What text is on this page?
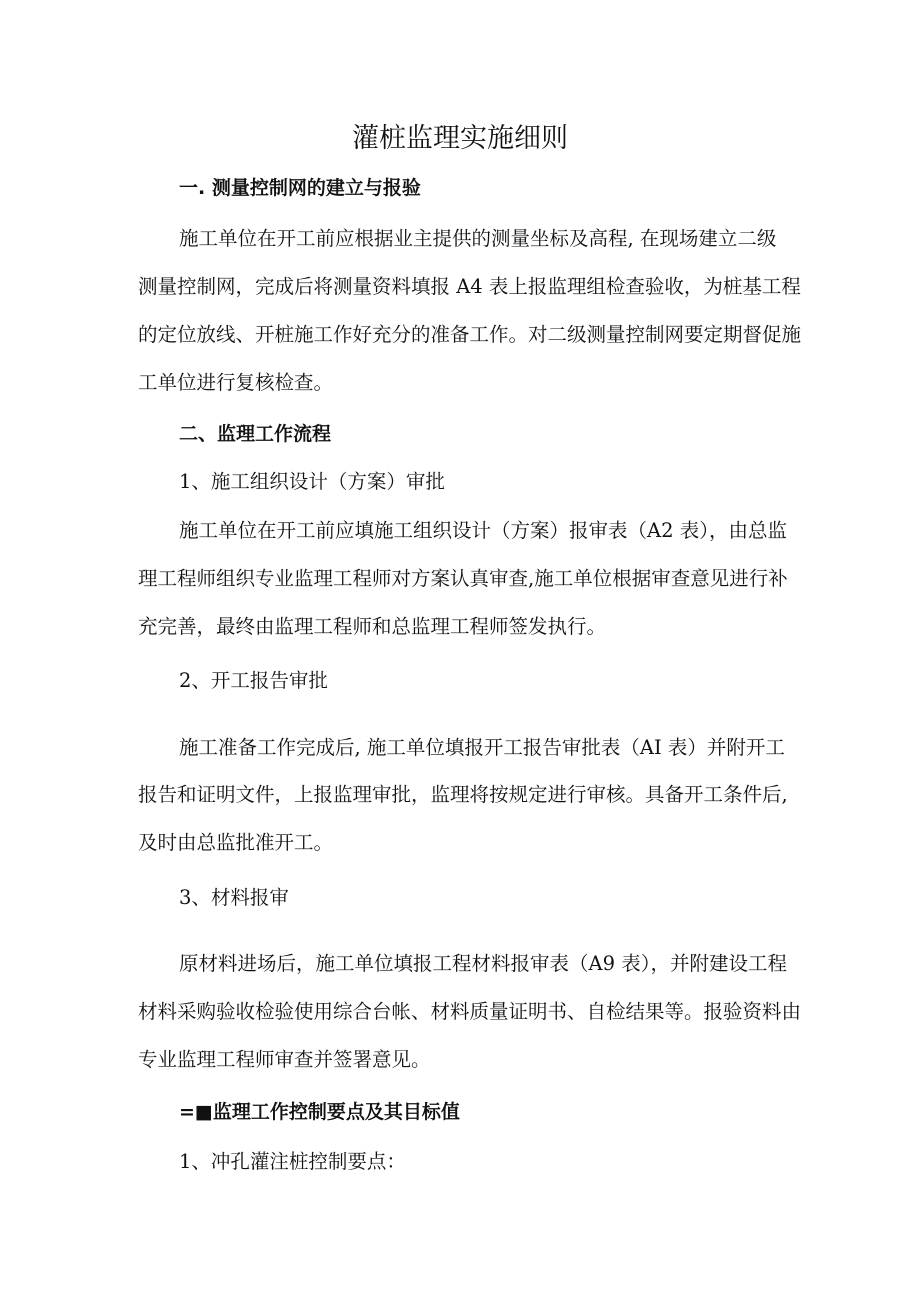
灌桩监理实施细则

一. 测量控制网的建立与报验

施工单位在开工前应根据业主提供的测量坐标及高程, 在现场建立二级

测量控制网，完成后将测量资料填报 A4 表上报监理组检查验收，为桩基工程

的定位放线、开桩施工作好充分的准备工作。对二级测量控制网要定期督促施

工单位进行复核检查。

二、监理工作流程

1、施工组织设计（方案）审批

施工单位在开工前应填施工组织设计（方案）报审表（A2 表），由总监

理工程师组织专业监理工程师对方案认真审查,施工单位根据审查意见进行补

充完善，最终由监理工程师和总监理工程师签发执行。

2、开工报告审批

施工准备工作完成后, 施工单位填报开工报告审批表（AI 表）并附开工

报告和证明文件，上报监理审批，监理将按规定进行审核。具备开工条件后,

及时由总监批准开工。

3、材料报审

原材料进场后，施工单位填报工程材料报审表（A9 表），并附建设工程

材料采购验收检验使用综合台帐、材料质量证明书、自检结果等。报验资料由

专业监理工程师审查并签署意见。

=■监理工作控制要点及其目标值

1、冲孔灌注桩控制要点：
